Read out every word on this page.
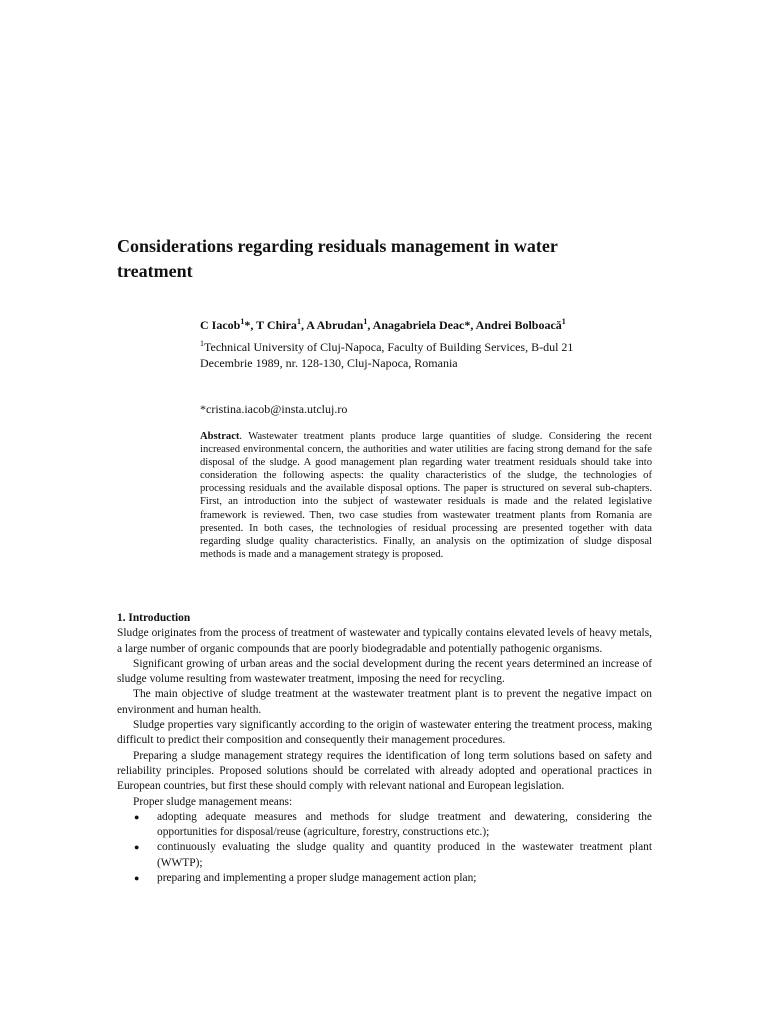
Considerations regarding residuals management in water treatment
C Iacob$^1$*, T Chira$^1$, A Abrudan$^1$, Anagabriela Deac*, Andrei Bolboacă$^1$
$^1$Technical University of Cluj-Napoca, Faculty of Building Services, B-dul 21 Decembrie 1989, nr. 128-130, Cluj-Napoca, Romania
*cristina.iacob@insta.utcluj.ro

Abstract. Wastewater treatment plants produce large quantities of sludge. Considering the recent increased environmental concern, the authorities and water utilities are facing strong demand for the safe disposal of the sludge. A good management plan regarding water treatment residuals should take into consideration the following aspects: the quality characteristics of the sludge, the technologies of processing residuals and the available disposal options. The paper is structured on several sub-chapters. First, an introduction into the subject of wastewater residuals is made and the related legislative framework is reviewed. Then, two case studies from wastewater treatment plants from Romania are presented. In both cases, the technologies of residual processing are presented together with data regarding sludge quality characteristics. Finally, an analysis on the optimization of sludge disposal methods is made and a management strategy is proposed.

1. Introduction

Sludge originates from the process of treatment of wastewater and typically contains elevated levels of heavy metals, a large number of organic compounds that are poorly biodegradable and potentially pathogenic organisms.

Significant growing of urban areas and the social development during the recent years determined an increase of sludge volume resulting from wastewater treatment, imposing the need for recycling.

The main objective of sludge treatment at the wastewater treatment plant is to prevent the negative impact on environment and human health.

Sludge properties vary significantly according to the origin of wastewater entering the treatment process, making difficult to predict their composition and consequently their management procedures.

Preparing a sludge management strategy requires the identification of long term solutions based on safety and reliability principles. Proposed solutions should be correlated with already adopted and operational practices in European countries, but first these should comply with relevant national and European legislation.

Proper sludge management means:

● adopting adequate measures and methods for sludge treatment and dewatering, considering the opportunities for disposal/reuse (agriculture, forestry, constructions etc.);
● continuously evaluating the sludge quality and quantity produced in the wastewater treatment plant (WWTP);
● preparing and implementing a proper sludge management action plan;
